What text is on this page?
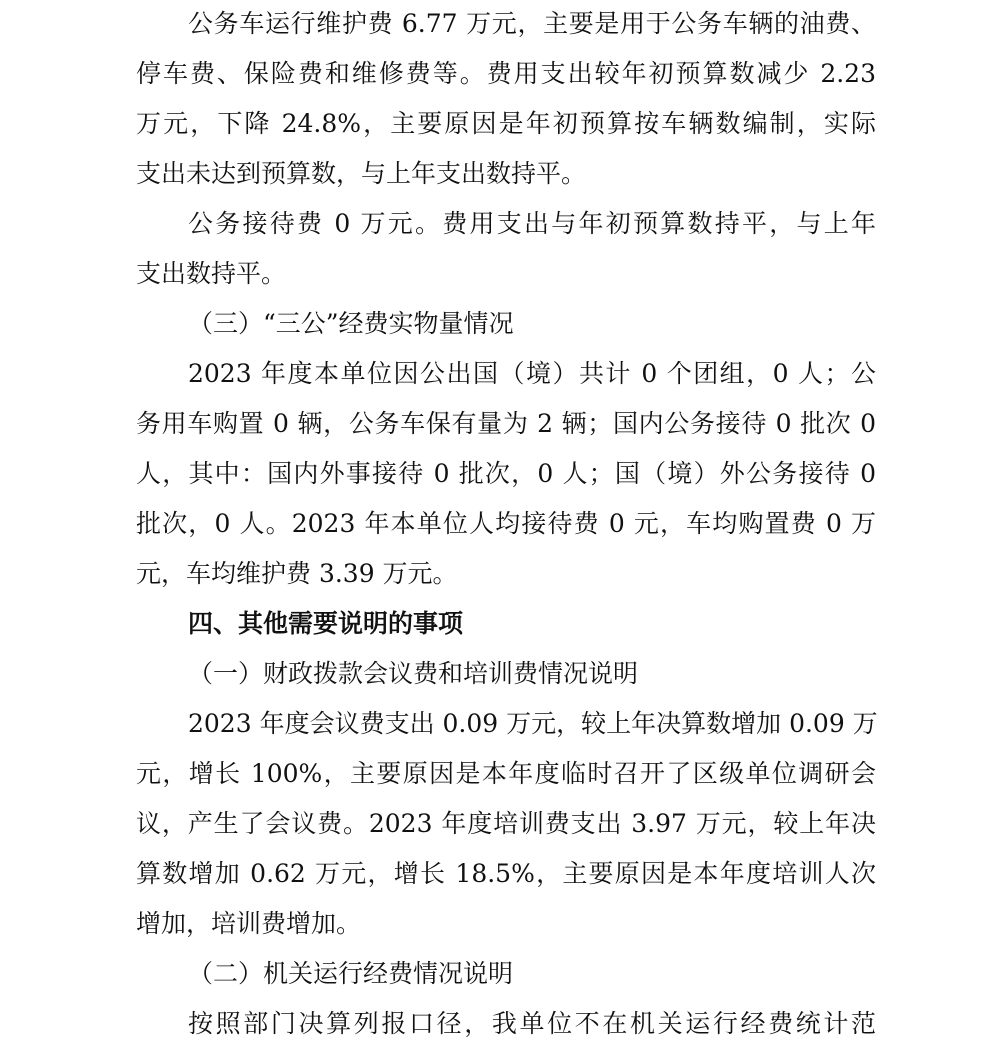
公务车运行维护费 6.77 万元，主要是用于公务车辆的油费、
停车费、保险费和维修费等。费用支出较年初预算数减少 2.23
万元，下降 24.8%，主要原因是年初预算按车辆数编制，实际
支出未达到预算数，与上年支出数持平。
公务接待费 0 万元。费用支出与年初预算数持平，与上年
支出数持平。
（三）“三公”经费实物量情况
2023 年度本单位因公出国（境）共计 0 个团组，0 人；公
务用车购置 0 辆，公务车保有量为 2 辆；国内公务接待 0 批次 0
人，其中：国内外事接待 0 批次，0 人；国（境）外公务接待 0
批次，0 人。2023 年本单位人均接待费 0 元，车均购置费 0 万
元，车均维护费 3.39 万元。
四、其他需要说明的事项
（一）财政拨款会议费和培训费情况说明
2023 年度会议费支出 0.09 万元，较上年决算数增加 0.09 万
元，增长 100%，主要原因是本年度临时召开了区级单位调研会
议，产生了会议费。2023 年度培训费支出 3.97 万元，较上年决
算数增加 0.62 万元，增长 18.5%，主要原因是本年度培训人次
增加，培训费增加。
（二）机关运行经费情况说明
按照部门决算列报口径，我单位不在机关运行经费统计范
